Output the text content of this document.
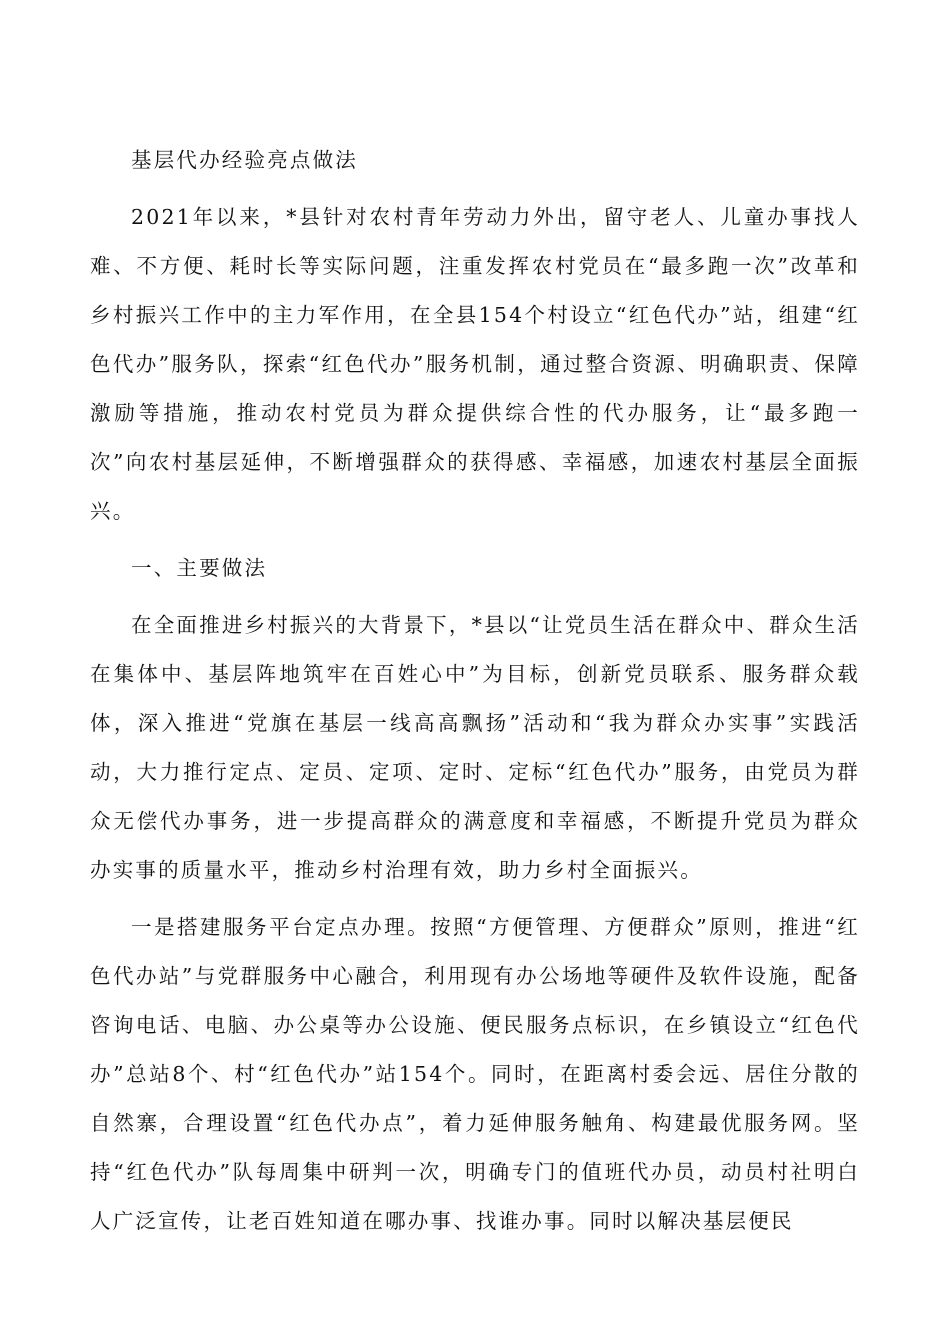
基层代办经验亮点做法

2021年以来，*县针对农村青年劳动力外出，留守老人、儿童办事找人难、不方便、耗时长等实际问题，注重发挥农村党员在“最多跑一次”改革和乡村振兴工作中的主力军作用，在全县154个村设立“红色代办”站，组建“红色代办”服务队，探索“红色代办”服务机制，通过整合资源、明确职责、保障激励等措施，推动农村党员为群众提供综合性的代办服务，让“最多跑一次”向农村基层延伸，不断增强群众的获得感、幸福感，加速农村基层全面振兴。

一、主要做法

在全面推进乡村振兴的大背景下，*县以“让党员生活在群众中、群众生活在集体中、基层阵地筑牢在百姓心中”为目标，创新党员联系、服务群众载体，深入推进“党旗在基层一线高高飘扬”活动和“我为群众办实事”实践活动，大力推行定点、定员、定项、定时、定标“红色代办”服务，由党员为群众无偿代办事务，进一步提高群众的满意度和幸福感，不断提升党员为群众办实事的质量水平，推动乡村治理有效，助力乡村全面振兴。

一是搭建服务平台定点办理。按照“方便管理、方便群众”原则，推进“红色代办站”与党群服务中心融合，利用现有办公场地等硬件及软件设施，配备咨询电话、电脑、办公桌等办公设施、便民服务点标识，在乡镇设立“红色代办”总站8个、村“红色代办”站154个。同时，在距离村委会远、居住分散的自然寨，合理设置“红色代办点”，着力延伸服务触角、构建最优服务网。坚持“红色代办”队每周集中研判一次，明确专门的值班代办员，动员村社明白人广泛宣传，让老百姓知道在哪办事、找谁办事。同时以解决基层便民
